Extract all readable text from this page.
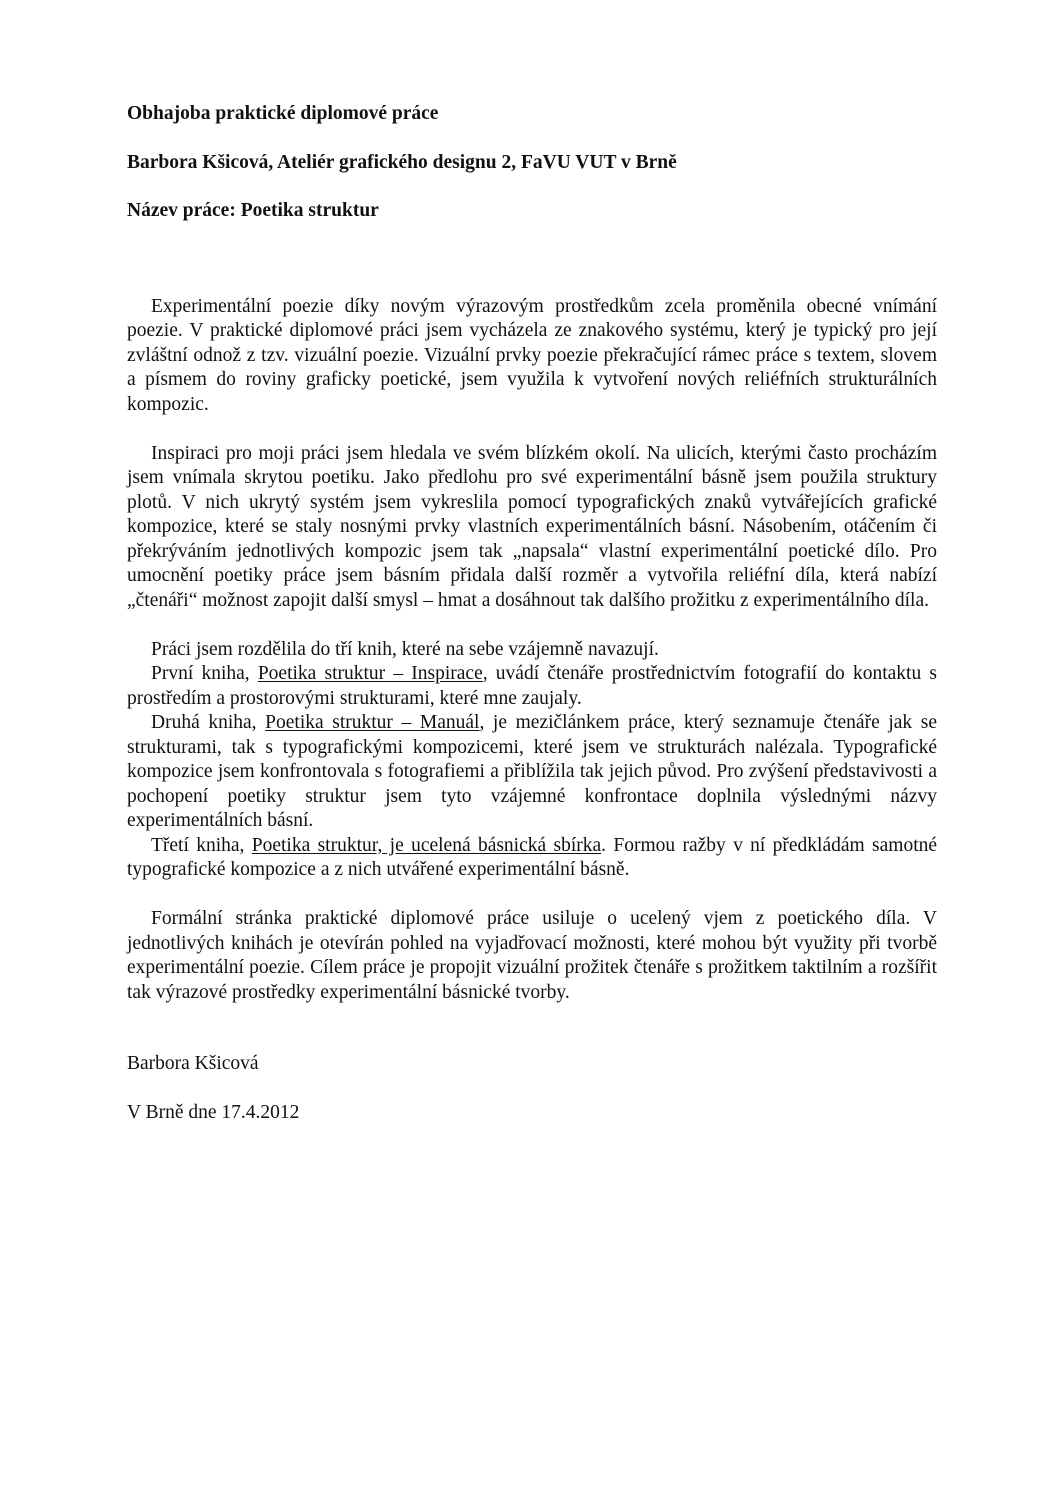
Obhajoba praktické diplomové práce

Barbora Kšicová, Ateliér grafického designu 2, FaVU VUT v Brně

Název práce: Poetika struktur

Experimentální poezie díky novým výrazovým prostředkům zcela proměnila obecné vnímání poezie. V praktické diplomové práci jsem vycházela ze znakového systému, který je typický pro její zvláštní odnož z tzv. vizuální poezie. Vizuální prvky poezie překračující rámec práce s textem, slovem a písmem do roviny graficky poetické, jsem využila k vytvoření nových reliéfních strukturálních kompozic.

Inspiraci pro moji práci jsem hledala ve svém blízkém okolí. Na ulicích, kterými často procházím jsem vnímala skrytou poetiku. Jako předlohu pro své experimentální básně jsem použila struktury plotů. V nich ukrytý systém jsem vykreslila pomocí typografických znaků vytvářejících grafické kompozice, které se staly nosnými prvky vlastních experimentálních básní. Násobením, otáčením či překrýváním jednotlivých kompozic jsem tak „napsala“ vlastní experimentální poetické dílo. Pro umocnění poetiky práce jsem básním přidala další rozměr a vytvořila reliéfní díla, která nabízí „čtenáři“ možnost zapojit další smysl – hmat a dosáhnout tak dalšího prožitku z experimentálního díla.

Práci jsem rozdělila do tří knih, které na sebe vzájemně navazují.

První kniha, Poetika struktur – Inspirace, uvádí čtenáře prostřednictvím fotografií do kontaktu s prostředím a prostorovými strukturami, které mne zaujaly.

Druhá kniha, Poetika struktur – Manuál, je mezičlánkem práce, který seznamuje čtenáře jak se strukturami, tak s typografickými kompozicemi, které jsem ve strukturách nalézala. Typografické kompozice jsem konfrontovala s fotografiemi a přiblížila tak jejich původ. Pro zvýšení představivosti a pochopení poetiky struktur jsem tyto vzájemné konfrontace doplnila výslednými názvy experimentálních básní.

Třetí kniha, Poetika struktur, je ucelená básnická sbírka. Formou ražby v ní předkládám samotné typografické kompozice a z nich utvářené experimentální básně.

Formální stránka praktické diplomové práce usiluje o ucelený vjem z poetického díla. V jednotlivých knihách je otevírán pohled na vyjadřovací možnosti, které mohou být využity při tvorbě experimentální poezie. Cílem práce je propojit vizuální prožitek čtenáře s prožitkem taktilním a rozšířit tak výrazové prostředky experimentální básnické tvorby.

Barbora Kšicová

V Brně dne 17.4.2012
